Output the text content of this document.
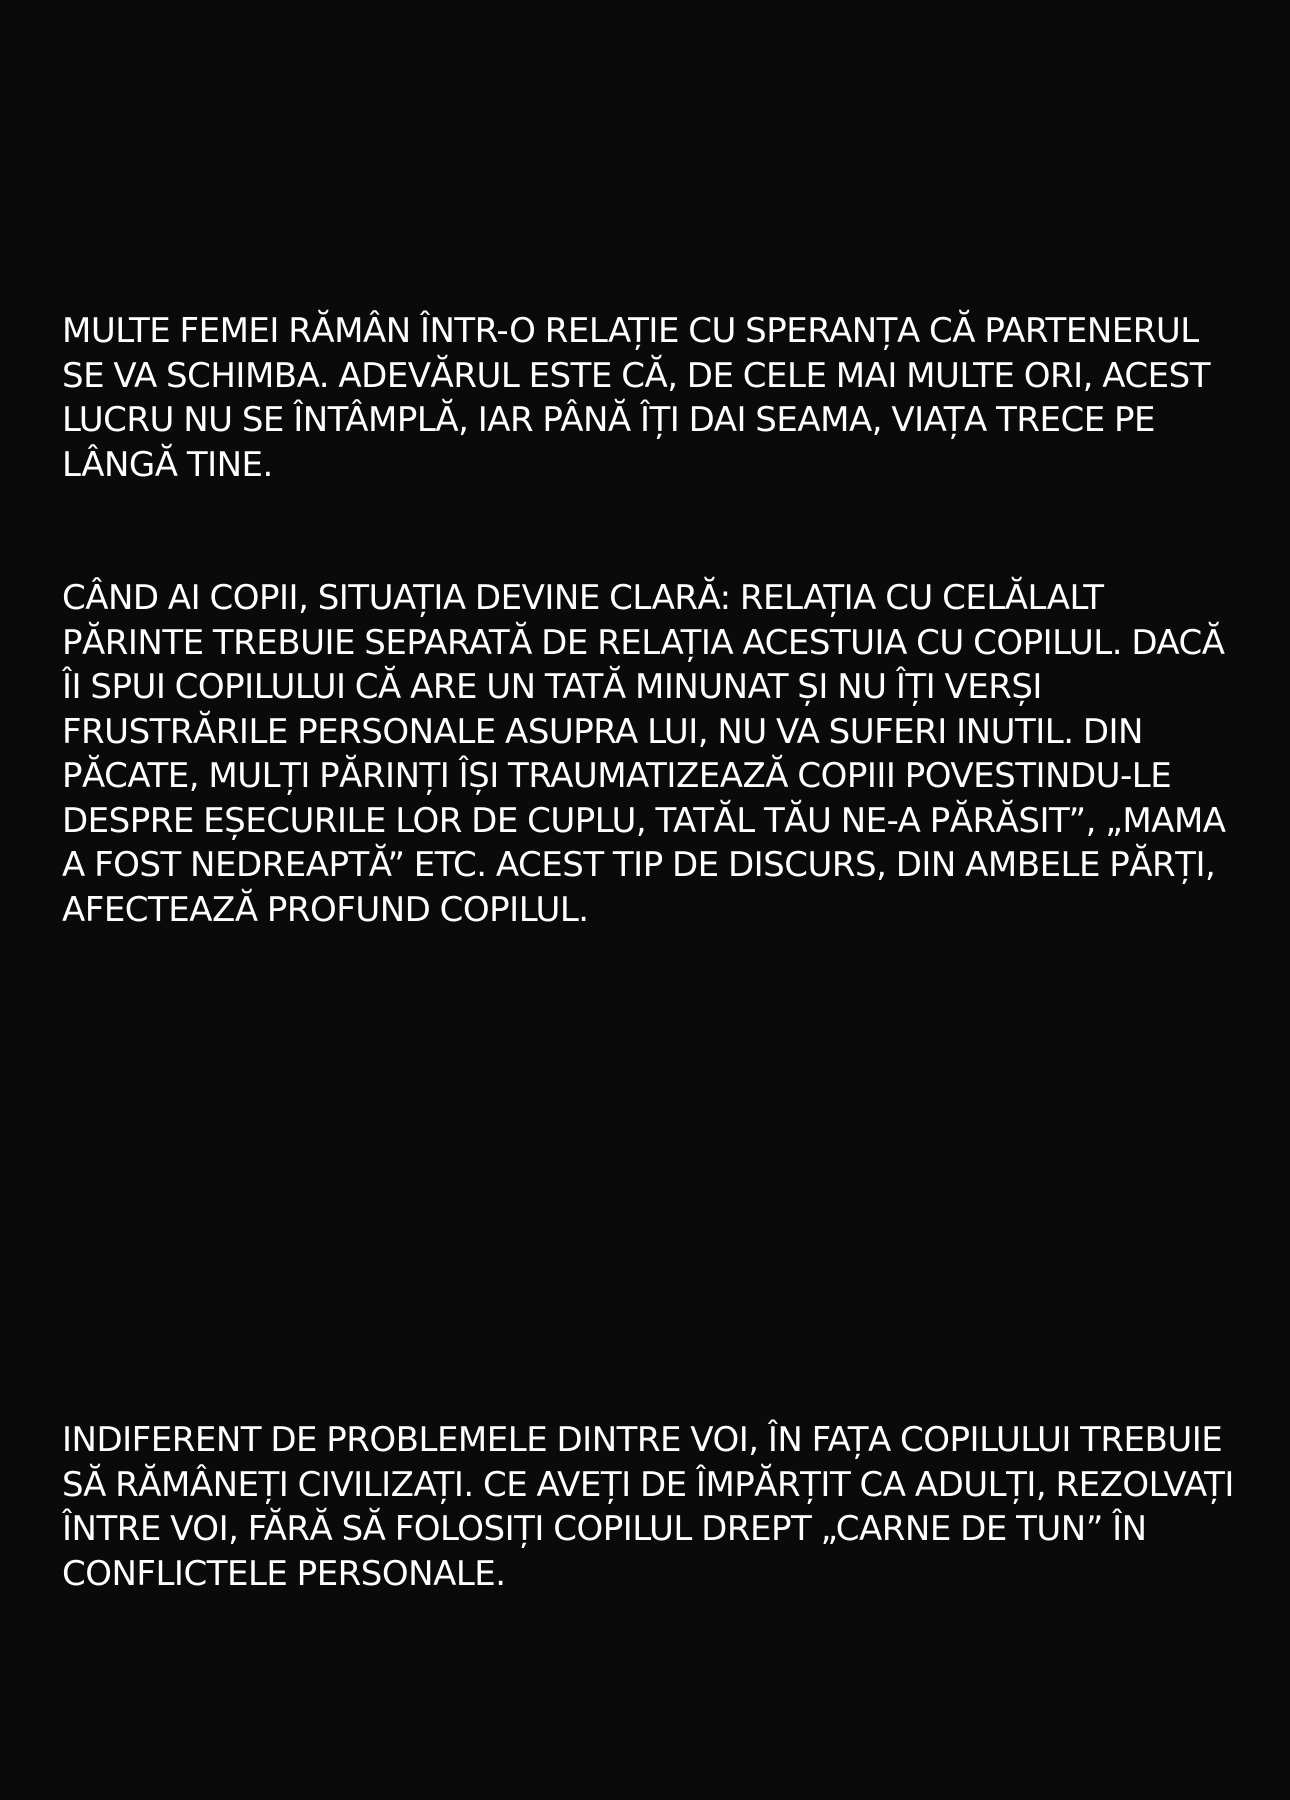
MULTE FEMEI RĂMÂN ÎNTR-O RELAȚIE CU SPERANȚA CĂ PARTENERUL SE VA SCHIMBA. ADEVĂRUL ESTE CĂ, DE CELE MAI MULTE ORI, ACEST LUCRU NU SE ÎNTÂMPLĂ, IAR PÂNĂ ÎȚI DAI SEAMA, VIAȚA TRECE PE LÂNGĂ TINE.

CÂND AI COPII, SITUAȚIA DEVINE CLARĂ: RELAȚIA CU CELĂLALT PĂRINTE TREBUIE SEPARATĂ DE RELAȚIA ACESTUIA CU COPILUL. DACĂ ÎI SPUI COPILULUI CĂ ARE UN TATĂ MINUNAT ȘI NU ÎȚI VERȘI FRUSTRĂRILE PERSONALE ASUPRA LUI, NU VA SUFERI INUTIL. DIN PĂCATE, MULȚI PĂRINȚI ÎȘI TRAUMATIZEAZĂ COPIII POVESTINDU-LE DESPRE EȘECURILE LOR DE CUPLU, TATĂL TĂU NE-A PĂRĂSIT”, „MAMA A FOST NEDREAPTĂ” ETC. ACEST TIP DE DISCURS, DIN AMBELE PĂRȚI, AFECTEAZĂ PROFUND COPILUL.

INDIFERENT DE PROBLEMELE DINTRE VOI, ÎN FAȚA COPILULUI TREBUIE SĂ RĂMÂNEȚI CIVILIZAȚI. CE AVEȚI DE ÎMPĂRȚIT CA ADULȚI, REZOLVAȚI ÎNTRE VOI, FĂRĂ SĂ FOLOSIȚI COPILUL DREPT „CARNE DE TUN” ÎN CONFLICTELE PERSONALE.
